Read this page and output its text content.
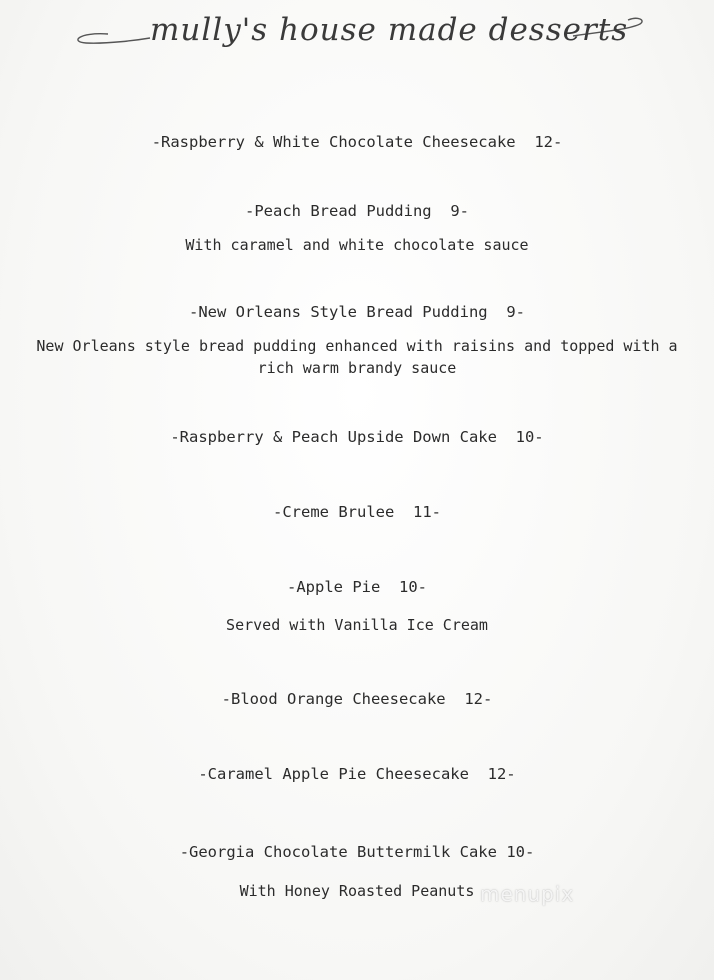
mully's house made desserts
-Raspberry & White Chocolate Cheesecake 12-
-Peach Bread Pudding 9-
With caramel and white chocolate sauce
-New Orleans Style Bread Pudding 9-
New Orleans style bread pudding enhanced with raisins and topped with a
rich warm brandy sauce
-Raspberry & Peach Upside Down Cake 10-
-Creme Brulee 11-
-Apple Pie 10-
Served with Vanilla Ice Cream
-Blood Orange Cheesecake 12-
-Caramel Apple Pie Cheesecake 12-
-Georgia Chocolate Buttermilk Cake 10-
With Honey Roasted Peanuts menupix
